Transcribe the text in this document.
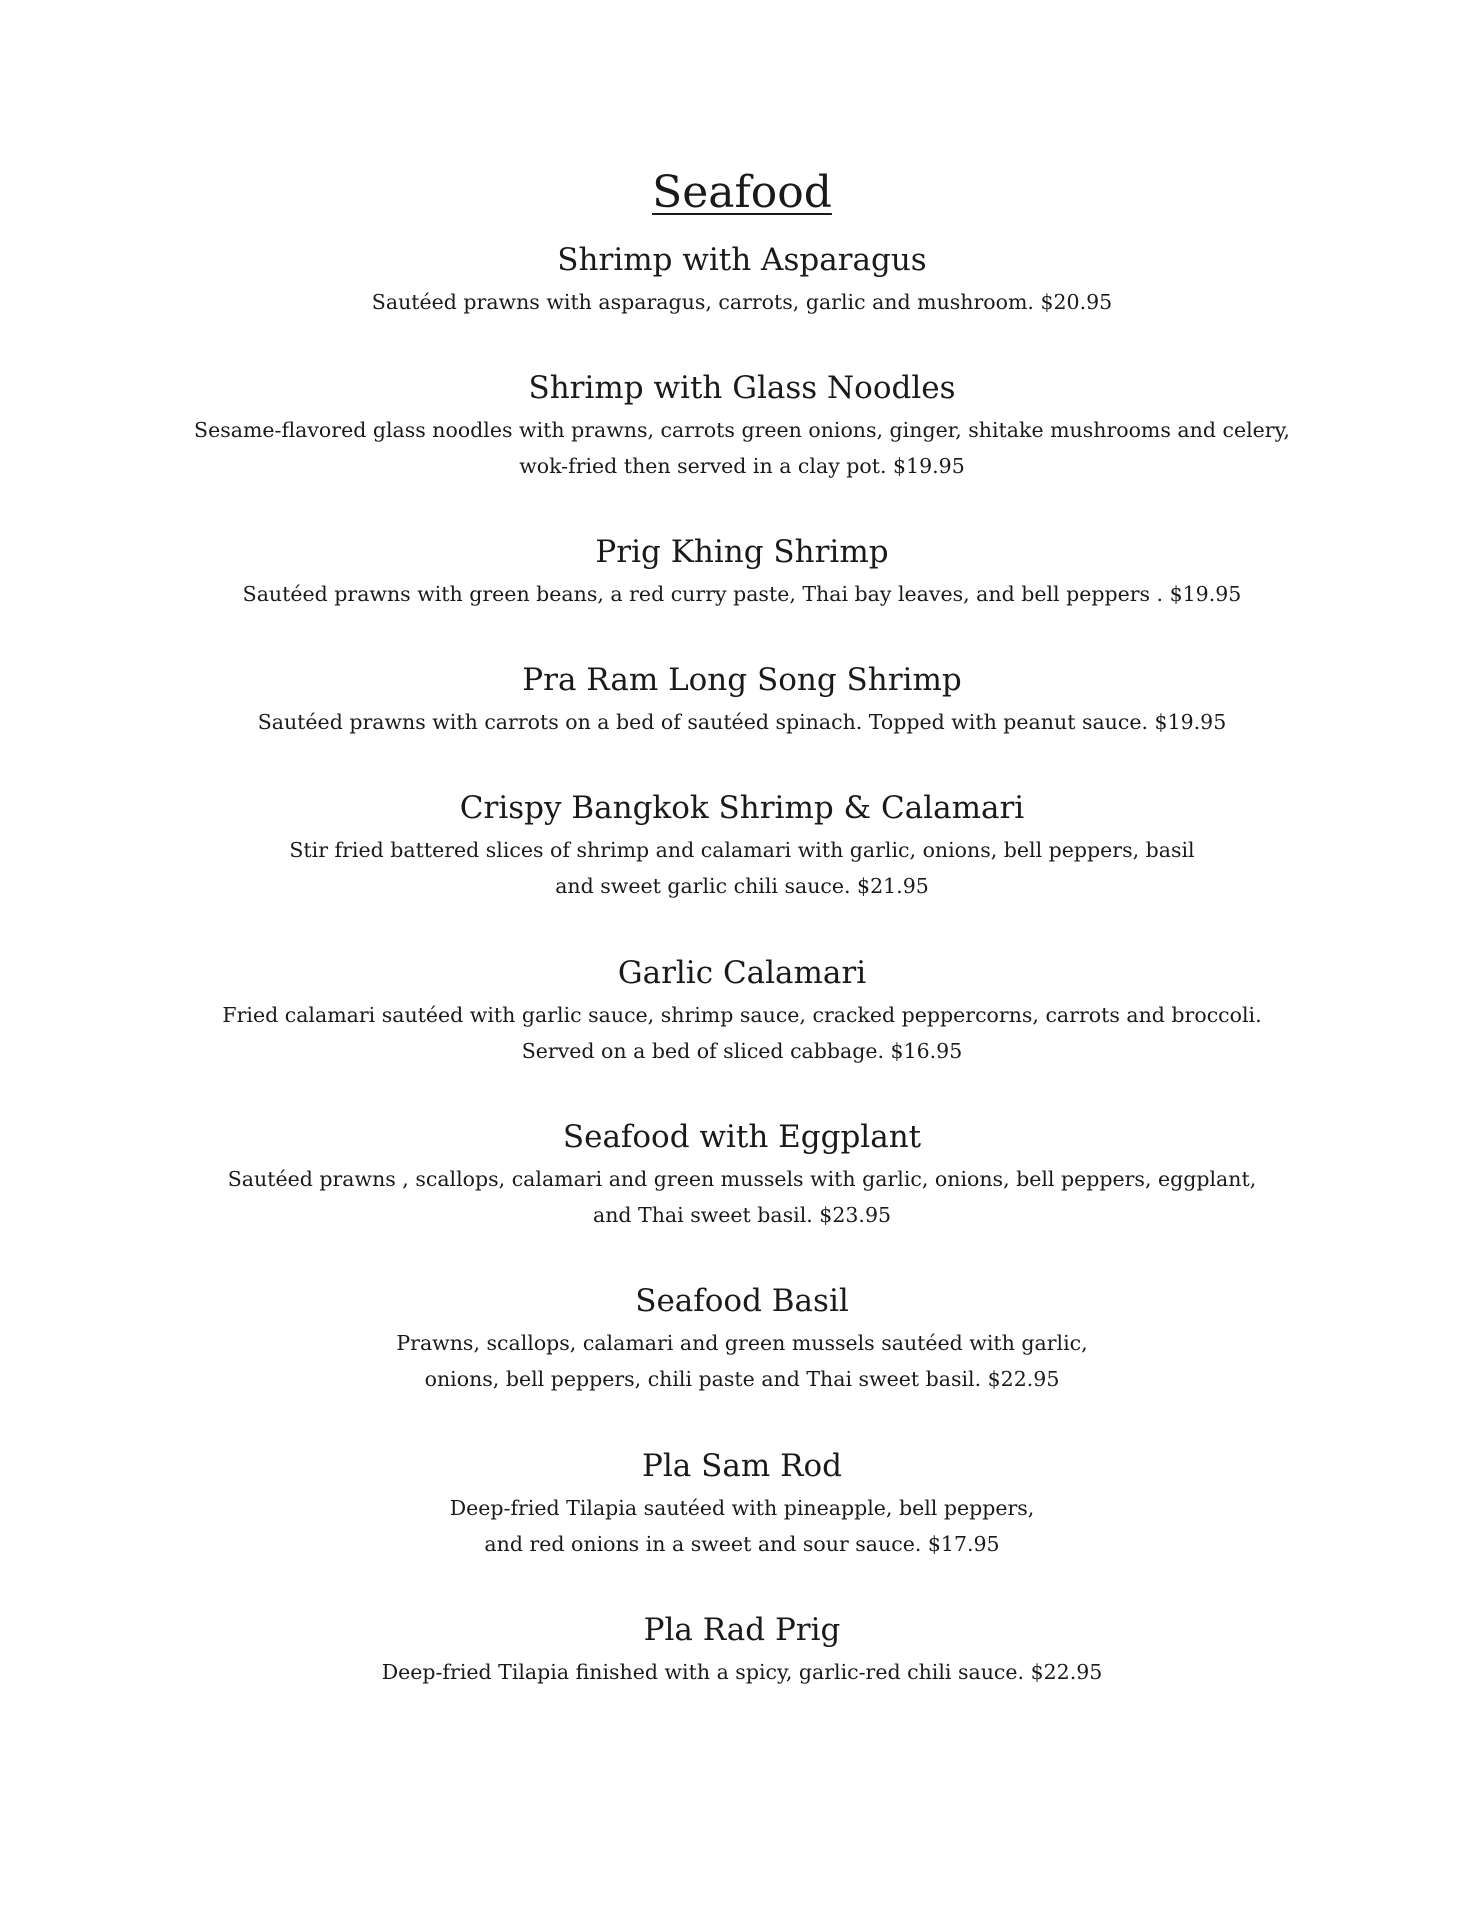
Seafood
Shrimp with Asparagus
Sautéed prawns with asparagus, carrots, garlic and mushroom. $20.95
Shrimp with Glass Noodles
Sesame-flavored glass noodles with prawns, carrots green onions, ginger, shitake mushrooms and celery,
wok-fried then served in a clay pot. $19.95
Prig Khing Shrimp
Sautéed prawns with green beans, a red curry paste, Thai bay leaves, and bell peppers . $19.95
Pra Ram Long Song Shrimp
Sautéed prawns with carrots on a bed of sautéed spinach. Topped with peanut sauce. $19.95
Crispy Bangkok Shrimp & Calamari
Stir fried battered slices of shrimp and calamari with garlic, onions, bell peppers, basil
and sweet garlic chili sauce. $21.95
Garlic Calamari
Fried calamari sautéed with garlic sauce, shrimp sauce, cracked peppercorns, carrots and broccoli.
Served on a bed of sliced cabbage. $16.95
Seafood with Eggplant
Sautéed prawns , scallops, calamari and green mussels with garlic, onions, bell peppers, eggplant,
and Thai sweet basil. $23.95
Seafood Basil
Prawns, scallops, calamari and green mussels sautéed with garlic,
onions, bell peppers, chili paste and Thai sweet basil. $22.95
Pla Sam Rod
Deep-fried Tilapia sautéed with pineapple, bell peppers,
and red onions in a sweet and sour sauce. $17.95
Pla Rad Prig
Deep-fried Tilapia finished with a spicy, garlic-red chili sauce. $22.95
